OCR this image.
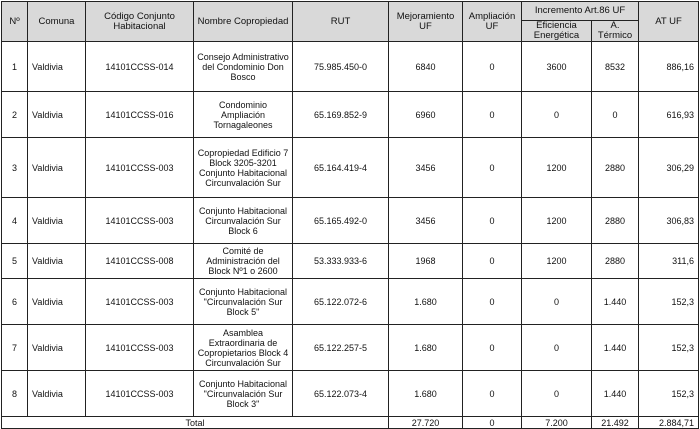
Nº	Comuna	Código Conjunto Habitacional	Nombre Copropiedad	RUT	Mejoramiento UF	Ampliación UF	Incremento Art.86 UF		AT UF	
							Eficiencia Energética	A. Térmico		
1	Valdivia	14101CCSS-014	Consejo Administrativo del Condominio Don Bosco	75.985.450-0	6840	0	3600	8532	886,16	
2	Valdivia	14101CCSS-016	Condominio Ampliación Tornagaleones	65.169.852-9	6960	0	0	0	616,93	
3	Valdivia	14101CCSS-003	Copropiedad Edificio 7 Block 3205-3201 Conjunto Habitacional Circunvalación Sur	65.164.419-4	3456	0	1200	2880	306,29	
4	Valdivia	14101CCSS-003	Conjunto Habitacional Circunvalación Sur Block 6	65.165.492-0	3456	0	1200	2880	306,83	
5	Valdivia	14101CCSS-008	Comité de Administración del Block Nº1 o 2600	53.333.933-6	1968	0	1200	2880	311,6	
6	Valdivia	14101CCSS-003	Conjunto Habitacional "Circunvalación Sur Block 5"	65.122.072-6	1.680	0	0	1.440	152,3	
7	Valdivia	14101CCSS-003	Asamblea Extraordinaria de Copropietarios Block 4 Circunvalación Sur	65.122.257-5	1.680	0	0	1.440	152,3	
8	Valdivia	14101CCSS-003	Conjunto Habitacional "Circunvalación Sur Block 3"	65.122.073-4	1.680	0	0	1.440	152,3	
Total					27.720	0	7.200	21.492	2.884,71	
